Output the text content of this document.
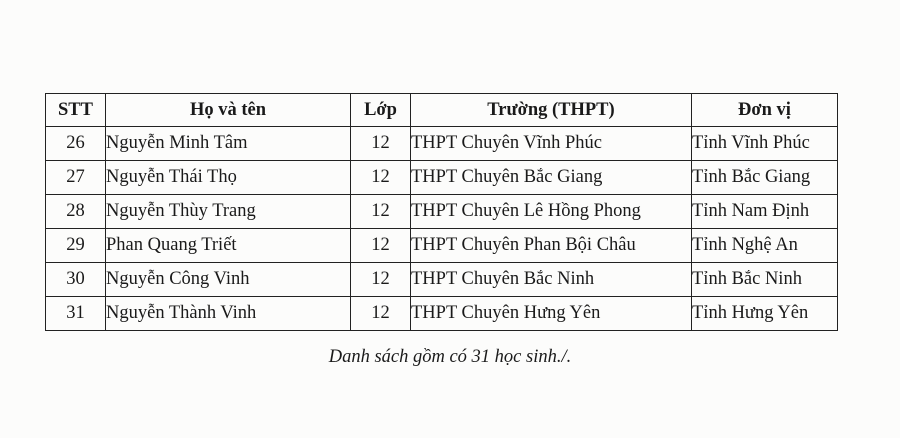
STT	Họ và tên	Lớp	Trường (THPT)	Đơn vị
26	Nguyễn Minh Tâm	12	THPT Chuyên Vĩnh Phúc	Tỉnh Vĩnh Phúc
27	Nguyễn Thái Thọ	12	THPT Chuyên Bắc Giang	Tỉnh Bắc Giang
28	Nguyễn Thùy Trang	12	THPT Chuyên Lê Hồng Phong	Tỉnh Nam Định
29	Phan Quang Triết	12	THPT Chuyên Phan Bội Châu	Tỉnh Nghệ An
30	Nguyễn Công Vinh	12	THPT Chuyên Bắc Ninh	Tỉnh Bắc Ninh
31	Nguyễn Thành Vinh	12	THPT Chuyên Hưng Yên	Tỉnh Hưng Yên
Danh sách gồm có 31 học sinh./.
